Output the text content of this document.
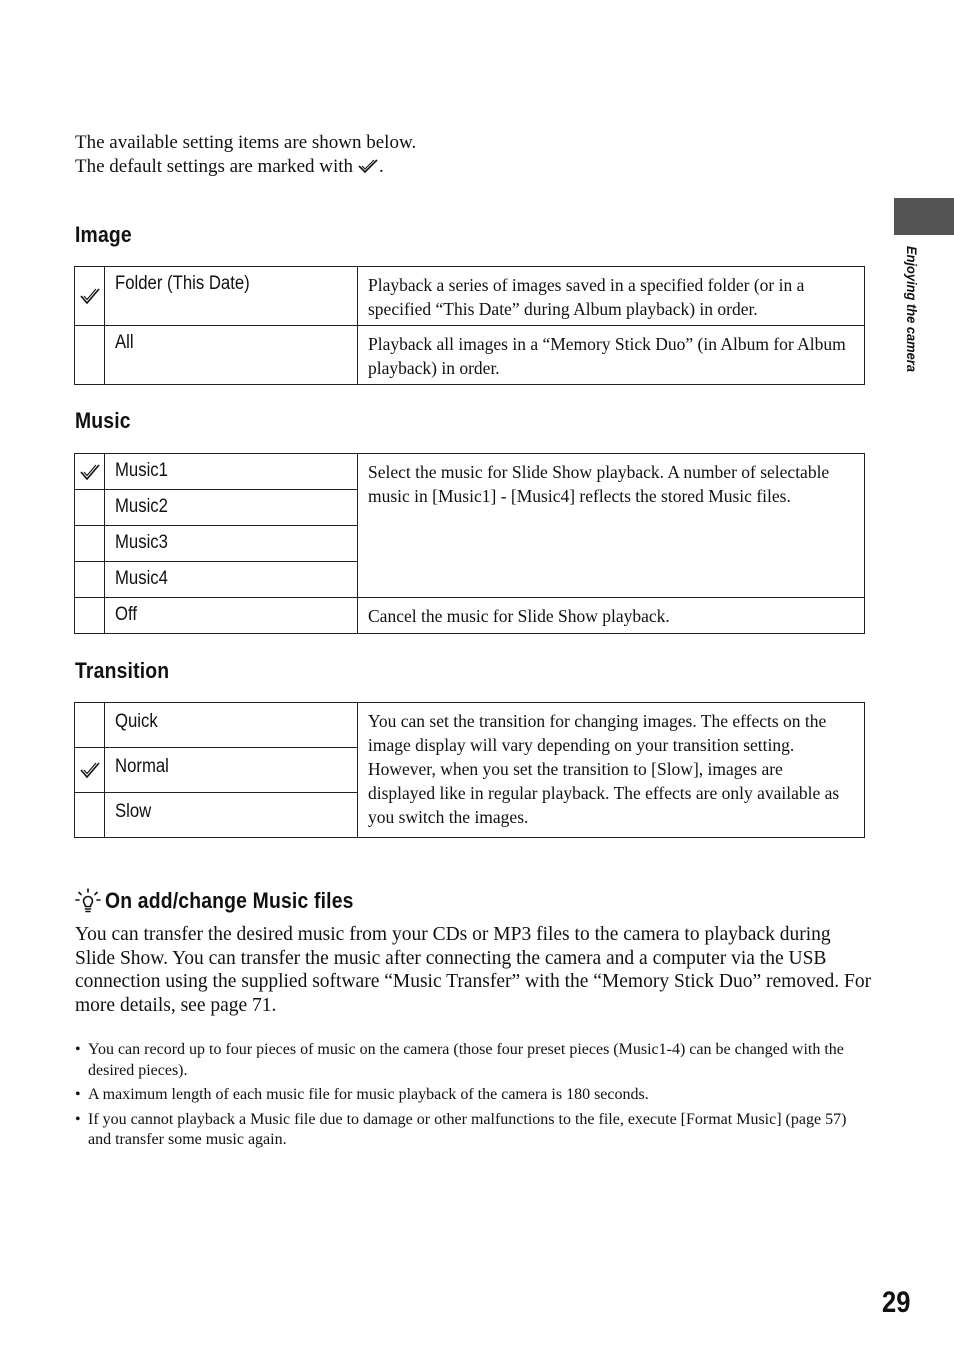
The available setting items are shown below.
The default settings are marked with .
Image
	Folder (This Date)	Playback a series of images saved in a specified folder (or in a specified “This Date” during Album playback) in order.
	All	Playback all images in a “Memory Stick Duo” (in Album for Album playback) in order.
Music
	Music1	Select the music for Slide Show playback. A number of selectable music in [Music1] - [Music4] reflects the stored Music files.
	Music2	
	Music3	
	Music4	
	Off	Cancel the music for Slide Show playback.
Transition
	Quick	You can set the transition for changing images. The effects on the image display will vary depending on your transition setting. However, when you set the transition to [Slow], images are displayed like in regular playback. The effects are only available as you switch the images.

	Normal	
	Slow	
On add/change Music files
You can transfer the desired music from your CDs or MP3 files to the camera to playback during Slide Show. You can transfer the music after connecting the camera and a computer via the USB connection using the supplied software “Music Transfer” with the “Memory Stick Duo” removed. For more details, see page 71.
• You can record up to four pieces of music on the camera (those four preset pieces (Music1-4) can be changed with the desired pieces).
• A maximum length of each music file for music playback of the camera is 180 seconds.
• If you cannot playback a Music file due to damage or other malfunctions to the file, execute [Format Music] (page 57) and transfer some music again.
Enjoying the camera
29
